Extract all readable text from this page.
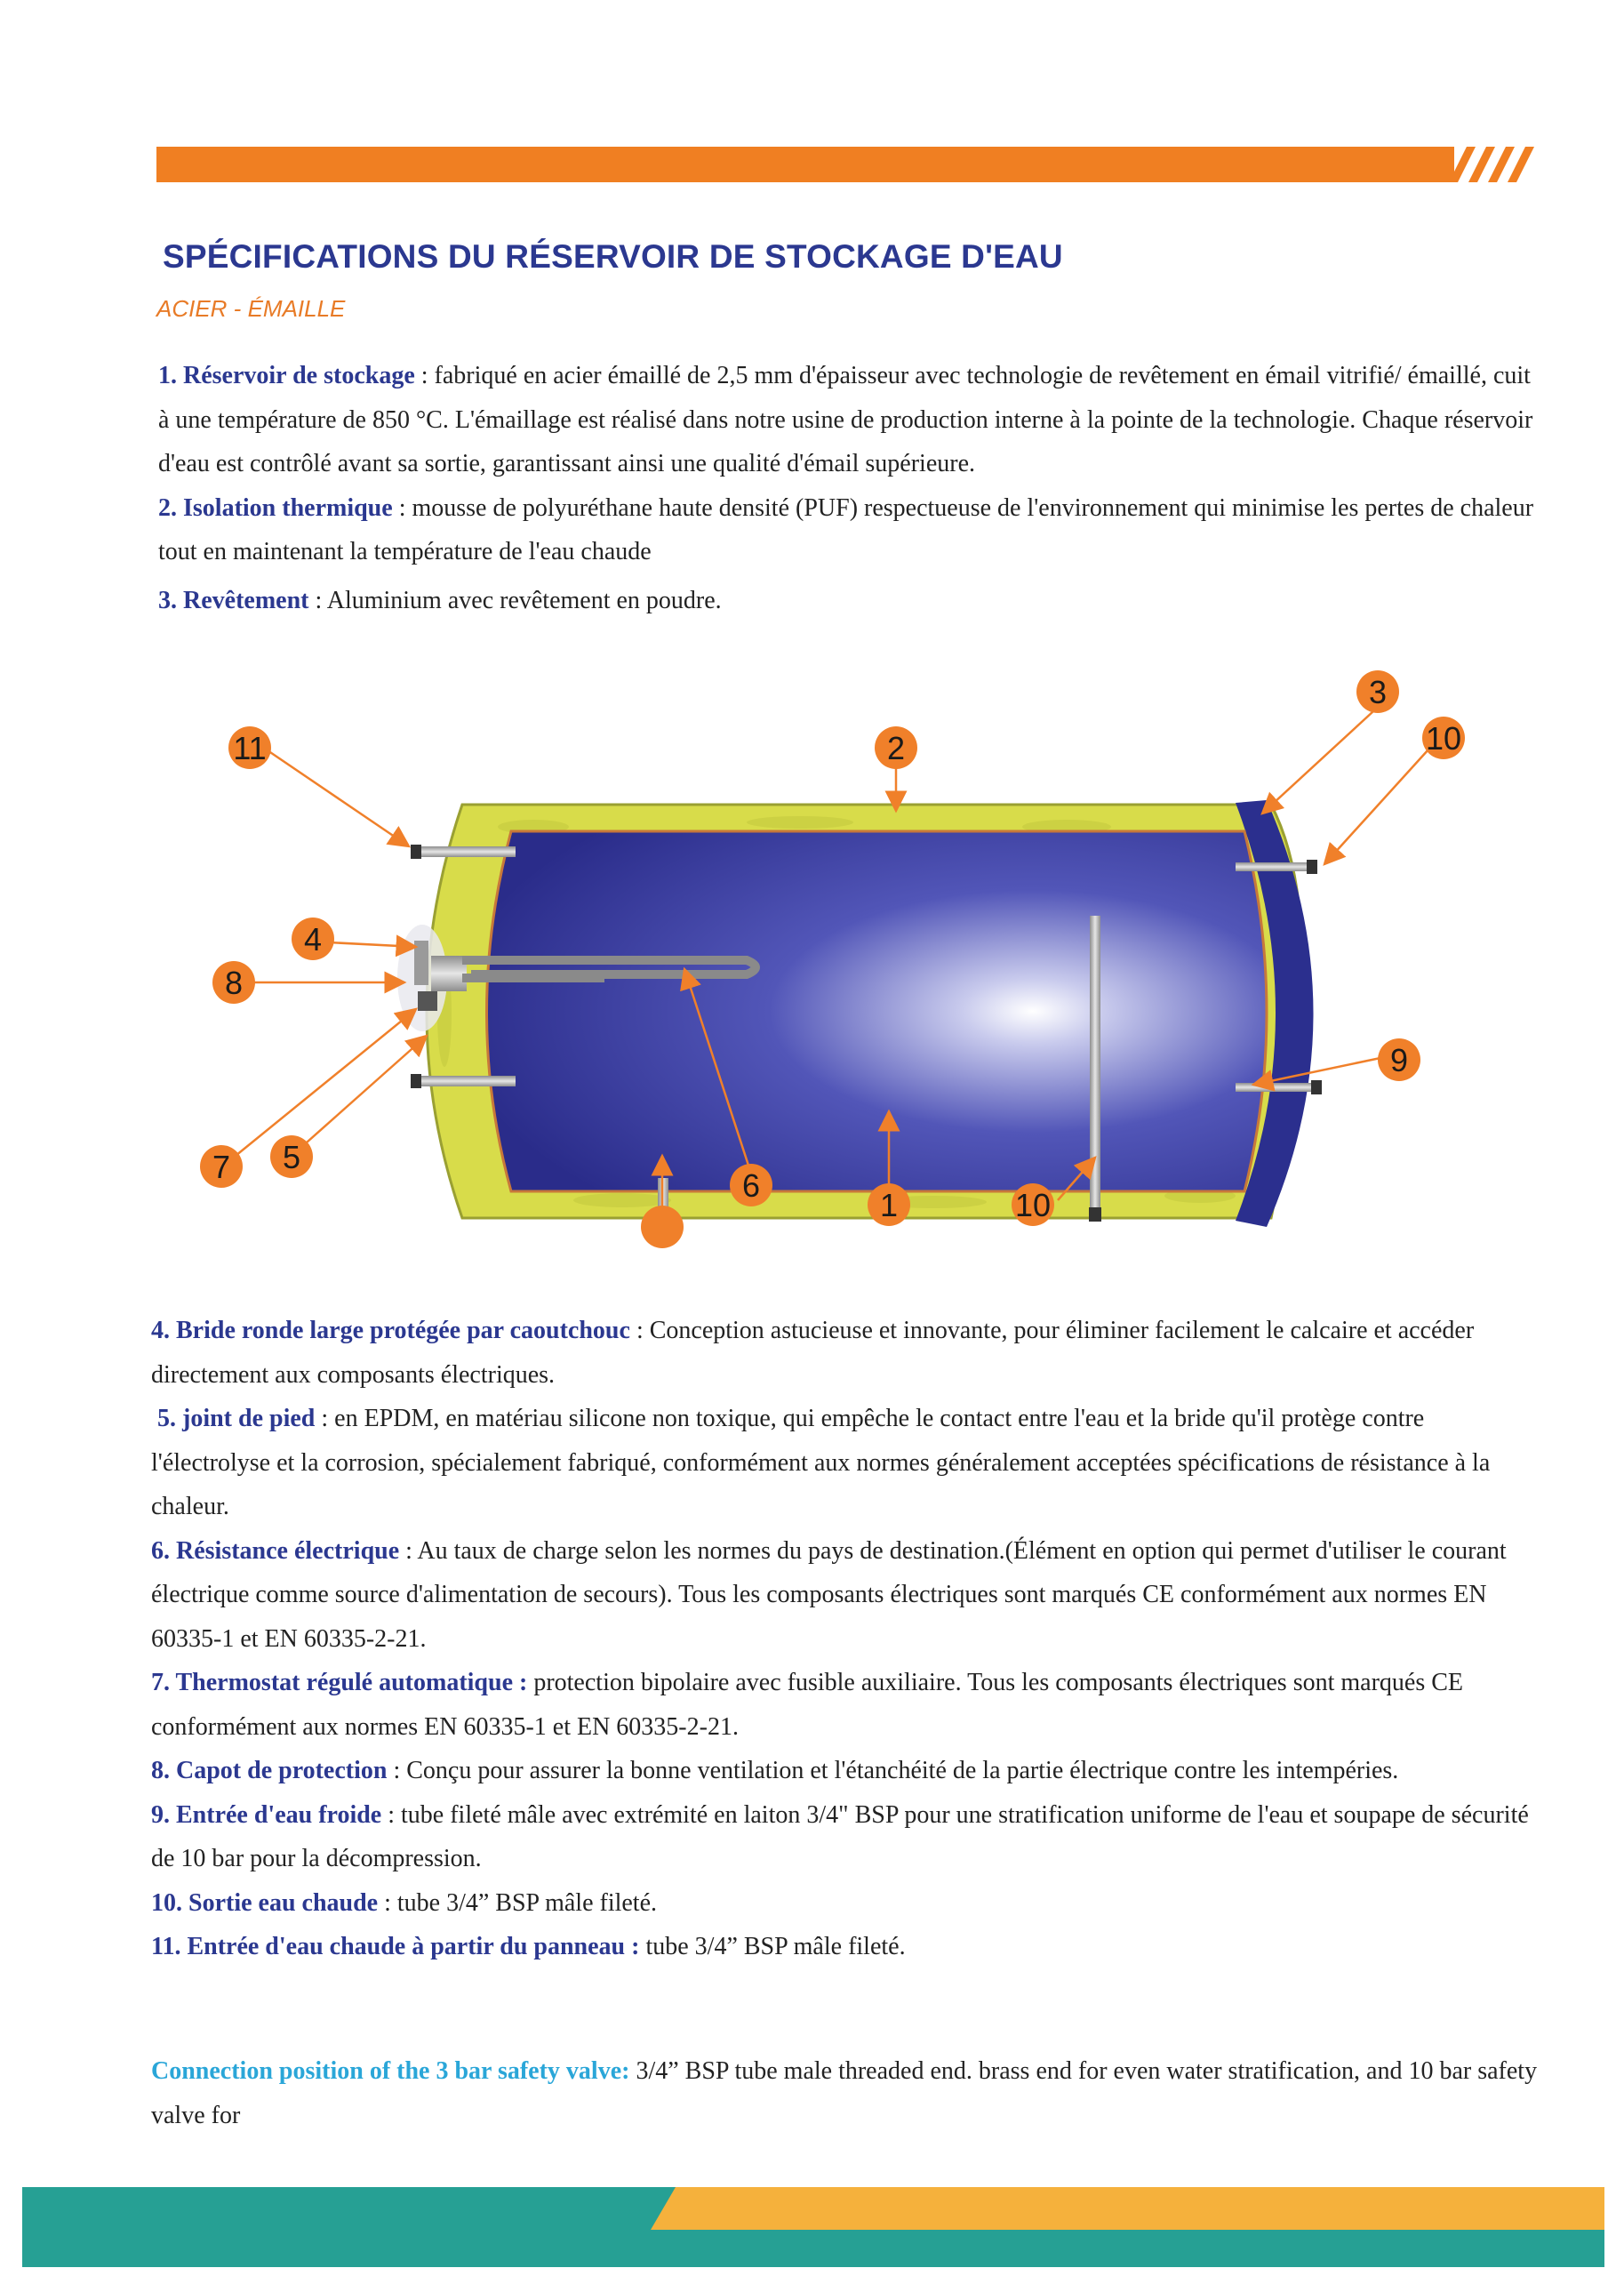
SPÉCIFICATIONS DU RÉSERVOIR DE STOCKAGE D'EAU
ACIER - ÉMAILLE

1. Réservoir de stockage : fabriqué en acier émaillé de 2,5 mm d'épaisseur avec technologie de revêtement en émail vitrifié/ émaillé, cuit à une température de 850 °C. L'émaillage est réalisé dans notre usine de production interne à la pointe de la technologie. Chaque réservoir d'eau est contrôlé avant sa sortie, garantissant ainsi une qualité d'émail supérieure.

2. Isolation thermique : mousse de polyuréthane haute densité (PUF) respectueuse de l'environnement qui minimise les pertes de chaleur tout en maintenant la température de l'eau chaude

3. Revêtement : Aluminium avec revêtement en poudre.

11	2
3
10
4
8
9
7 5
6
1	10

4. Bride ronde large protégée par caoutchouc : Conception astucieuse et innovante, pour éliminer facilement le calcaire et accéder directement aux composants électriques.

5. joint de pied : en EPDM, en matériau silicone non toxique, qui empêche le contact entre l'eau et la bride qu'il protège contre l'électrolyse et la corrosion, spécialement fabriqué, conformément aux normes généralement acceptées spécifications de résistance à la chaleur.

6. Résistance électrique : Au taux de charge selon les normes du pays de destination.(Élément en option qui permet d'utiliser le courant électrique comme source d'alimentation de secours). Tous les composants électriques sont marqués CE conformément aux normes EN 60335-1 et EN 60335-2-21.

7. Thermostat régulé automatique : protection bipolaire avec fusible auxiliaire. Tous les composants électriques sont marqués CE conformément aux normes EN 60335-1 et EN 60335-2-21.

8. Capot de protection : Conçu pour assurer la bonne ventilation et l'étanchéité de la partie électrique contre les intempéries.

9. Entrée d'eau froide : tube fileté mâle avec extrémité en laiton 3/4" BSP pour une stratification uniforme de l'eau et soupape de sécurité de 10 bar pour la décompression.

10. Sortie eau chaude : tube 3/4” BSP mâle fileté.

11. Entrée d'eau chaude à partir du panneau : tube 3/4” BSP mâle fileté.

Connection position of the 3 bar safety valve: 3/4” BSP tube male threaded end. brass end for even water stratification, and 10 bar safety valve for
